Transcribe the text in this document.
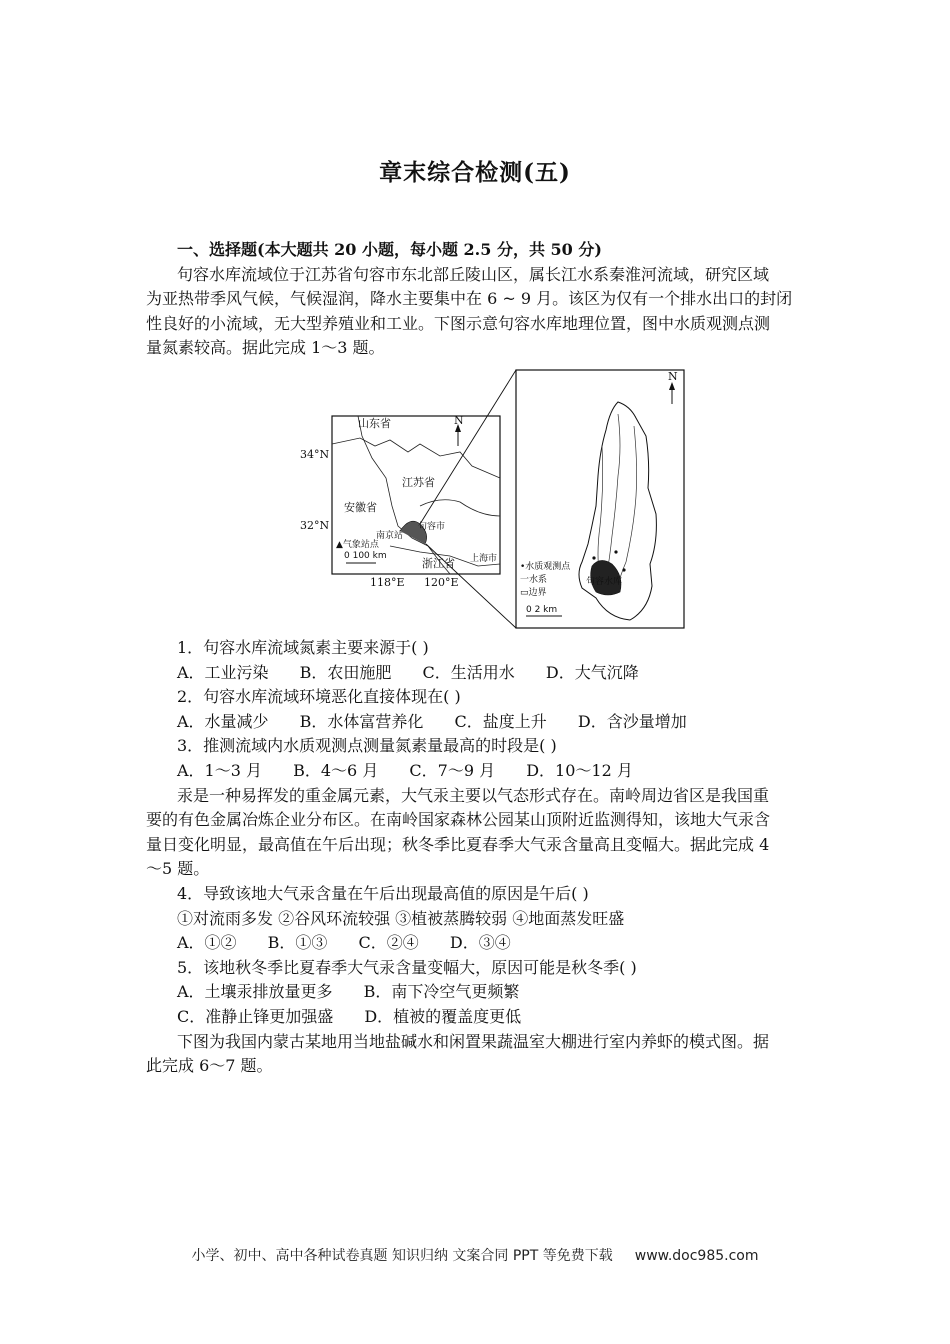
章末综合检测(五)
一、选择题(本大题共 20 小题，每小题 2.5 分，共 50 分)
句容水库流域位于江苏省句容市东北部丘陵山区，属长江水系秦淮河流域，研究区域
为亚热带季风气候，气候湿润，降水主要集中在 6 ~ 9 月。该区为仅有一个排水出口的封闭
性良好的小流域，无大型养殖业和工业。下图示意句容水库地理位置，图中水质观测点测
量氮素较高。据此完成 1～3 题。
N
山东省
江苏省
安徽省
南京站
句容市
浙江省 上海市
▲气象站点
0 100 km
34°N
32°N
118°E 120°E
N
•水质观测点
一水系
▭边界
句容水库
0 2 km
1．句容水库流域氮素主要来源于( )
A．工业污染 B．农田施肥 C．生活用水 D．大气沉降
2．句容水库流域环境恶化直接体现在( )
A．水量减少 B．水体富营养化 C．盐度上升 D．含沙量增加
3．推测流域内水质观测点测量氮素量最高的时段是( )
A．1～3 月 B．4～6 月 C．7～9 月 D．10～12 月
汞是一种易挥发的重金属元素，大气汞主要以气态形式存在。南岭周边省区是我国重
要的有色金属冶炼企业分布区。在南岭国家森林公园某山顶附近监测得知，该地大气汞含
量日变化明显，最高值在午后出现；秋冬季比夏春季大气汞含量高且变幅大。据此完成 4
～5 题。
4．导致该地大气汞含量在午后出现最高值的原因是午后( )
①对流雨多发 ②谷风环流较强 ③植被蒸腾较弱 ④地面蒸发旺盛
A．①② B．①③ C．②④ D．③④
5．该地秋冬季比夏春季大气汞含量变幅大，原因可能是秋冬季( )
A．土壤汞排放量更多 B．南下冷空气更频繁
C．准静止锋更加强盛 D．植被的覆盖度更低
下图为我国内蒙古某地用当地盐碱水和闲置果蔬温室大棚进行室内养虾的模式图。据
此完成 6～7 题。
小学、初中、高中各种试卷真题 知识归纳 文案合同 PPT 等免费下载 www.doc985.com
